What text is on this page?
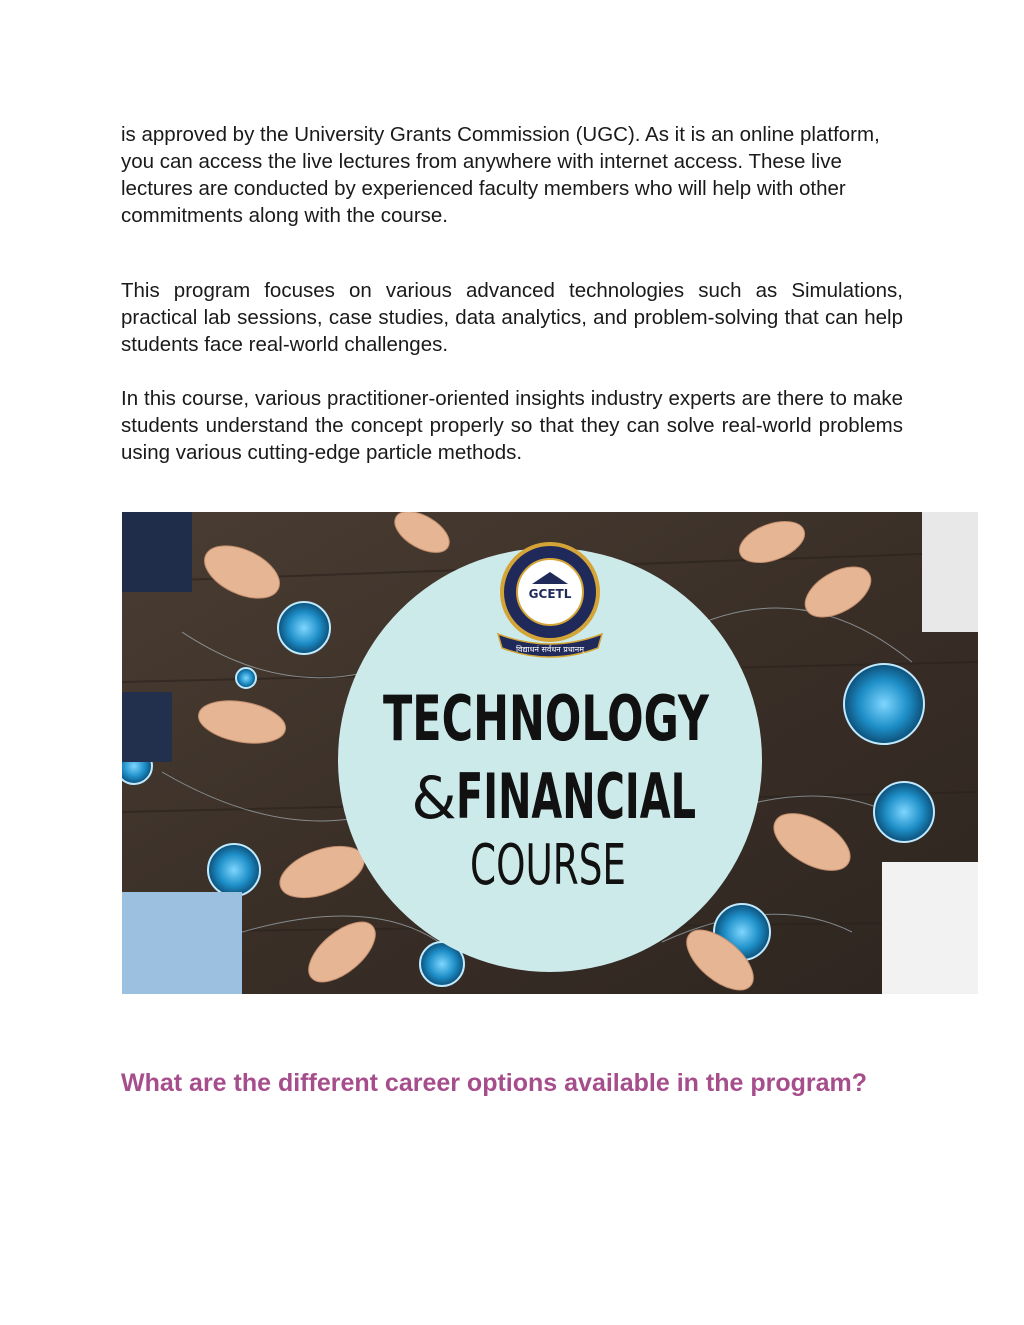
is approved by the University Grants Commission (UGC). As it is an online platform, you can access the live lectures from anywhere with internet access. These live lectures are conducted by experienced faculty members who will help with other commitments along with the course.

This program focuses on various advanced technologies such as Simulations, practical lab sessions, case studies, data analytics, and problem-solving that can help students face real-world challenges.

In this course, various practitioner-oriented insights industry experts are there to make students understand the concept properly so that they can solve real-world problems using various cutting-edge particle methods.

GCETL
विद्याधनं सर्वधन प्रधानम्
TECHNOLOGY
& FINANCIAL
COURSE
What are the different career options available in the program?
